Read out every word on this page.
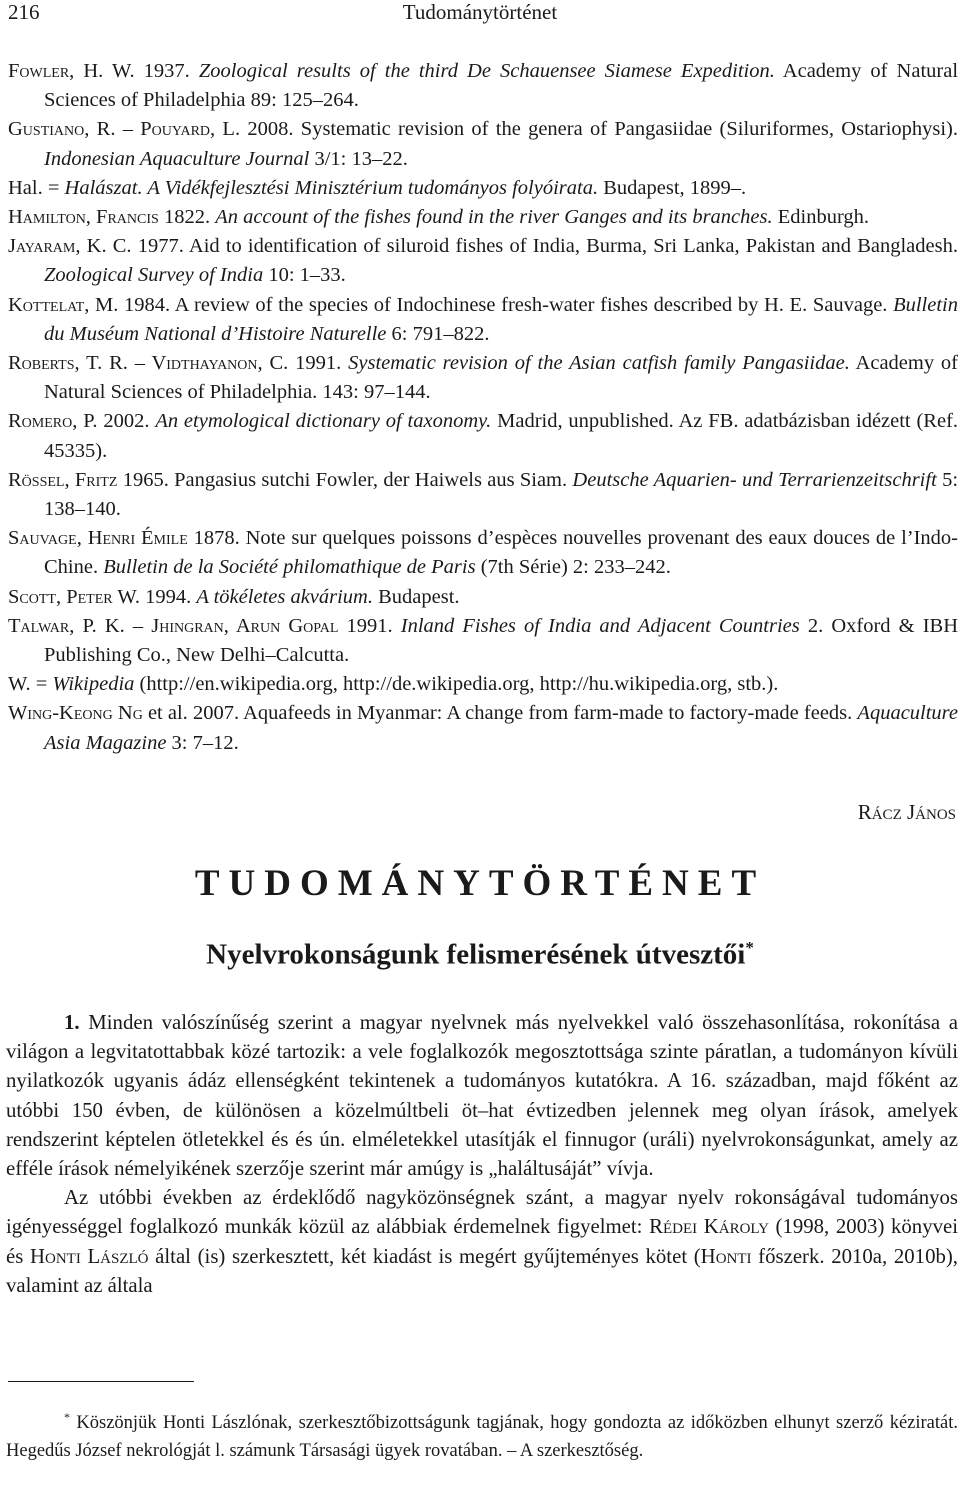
216	Tudománytörténet

Fowler, H. W. 1937. Zoological results of the third De Schauensee Siamese Expedition. Academy of Natural Sciences of Philadelphia 89: 125–264.

Gustiano, R. – Pouyard, L. 2008. Systematic revision of the genera of Pangasiidae (Siluriformes, Ostariophysi). Indonesian Aquaculture Journal 3/1: 13–22.

Hal. = Halászat. A Vidékfejlesztési Minisztérium tudományos folyóirata. Budapest, 1899–.

Hamilton, Francis 1822. An account of the fishes found in the river Ganges and its branches. Edinburgh.

Jayaram, K. C. 1977. Aid to identification of siluroid fishes of India, Burma, Sri Lanka, Pakistan and Bangladesh. Zoological Survey of India 10: 1–33.

Kottelat, M. 1984. A review of the species of Indochinese fresh-water fishes described by H. E. Sauvage. Bulletin du Muséum National d’Histoire Naturelle 6: 791–822.

Roberts, T. R. – Vidthayanon, C. 1991. Systematic revision of the Asian catfish family Pangasiidae. Academy of Natural Sciences of Philadelphia. 143: 97–144.

Romero, P. 2002. An etymological dictionary of taxonomy. Madrid, unpublished. Az FB. adatbázisban idézett (Ref. 45335).

Rössel, Fritz 1965. Pangasius sutchi Fowler, der Haiwels aus Siam. Deutsche Aquarien- und Terrarienzeitschrift 5: 138–140.

Sauvage, Henri Émile 1878. Note sur quelques poissons d’espèces nouvelles provenant des eaux douces de l’Indo-Chine. Bulletin de la Société philomathique de Paris (7th Série) 2: 233–242.

Scott, Peter W. 1994. A tökéletes akvárium. Budapest.

Talwar, P. K. – Jhingran, Arun Gopal 1991. Inland Fishes of India and Adjacent Countries 2. Oxford & IBH Publishing Co., New Delhi–Calcutta.

W. = Wikipedia (http://en.wikipedia.org, http://de.wikipedia.org, http://hu.wikipedia.org, stb.).

Wing-Keong Ng et al. 2007. Aquafeeds in Myanmar: A change from farm-made to factory-made feeds. Aquaculture Asia Magazine 3: 7–12.

Rácz János
TUDOMÁNYTÖRTÉNET
Nyelvrokonságunk felismerésének útvesztői*

1. Minden valószínűség szerint a magyar nyelvnek más nyelvekkel való összehasonlítása, rokonítása a világon a legvitatottabbak közé tartozik: a vele foglalkozók megosztottsága szinte páratlan, a tudományon kívüli nyilatkozók ugyanis ádáz ellenségként tekintenek a tudományos kutatókra. A 16. században, majd főként az utóbbi 150 évben, de különösen a közelmúltbeli öt–hat évtizedben jelennek meg olyan írások, amelyek rendszerint képtelen ötletekkel és és ún. elméletekkel utasítják el finnugor (uráli) nyelvrokonságunkat, amely az efféle írások némelyikének szerzője szerint már amúgy is „haláltusáját” vívja.

Az utóbbi években az érdeklődő nagyközönségnek szánt, a magyar nyelv rokonságával tudományos igényességgel foglalkozó munkák közül az alábbiak érdemelnek figyelmet: Rédei Károly (1998, 2003) könyvei és Honti László által (is) szerkesztett, két kiadást is megért gyűjteményes kötet (Honti főszerk. 2010a, 2010b), valamint az általa

* Köszönjük Honti Lászlónak, szerkesztőbizottságunk tagjának, hogy gondozta az időközben elhunyt szerző kéziratát. Hegedűs József nekrológját l. számunk Társasági ügyek rovatában. – A szerkesztőség.
